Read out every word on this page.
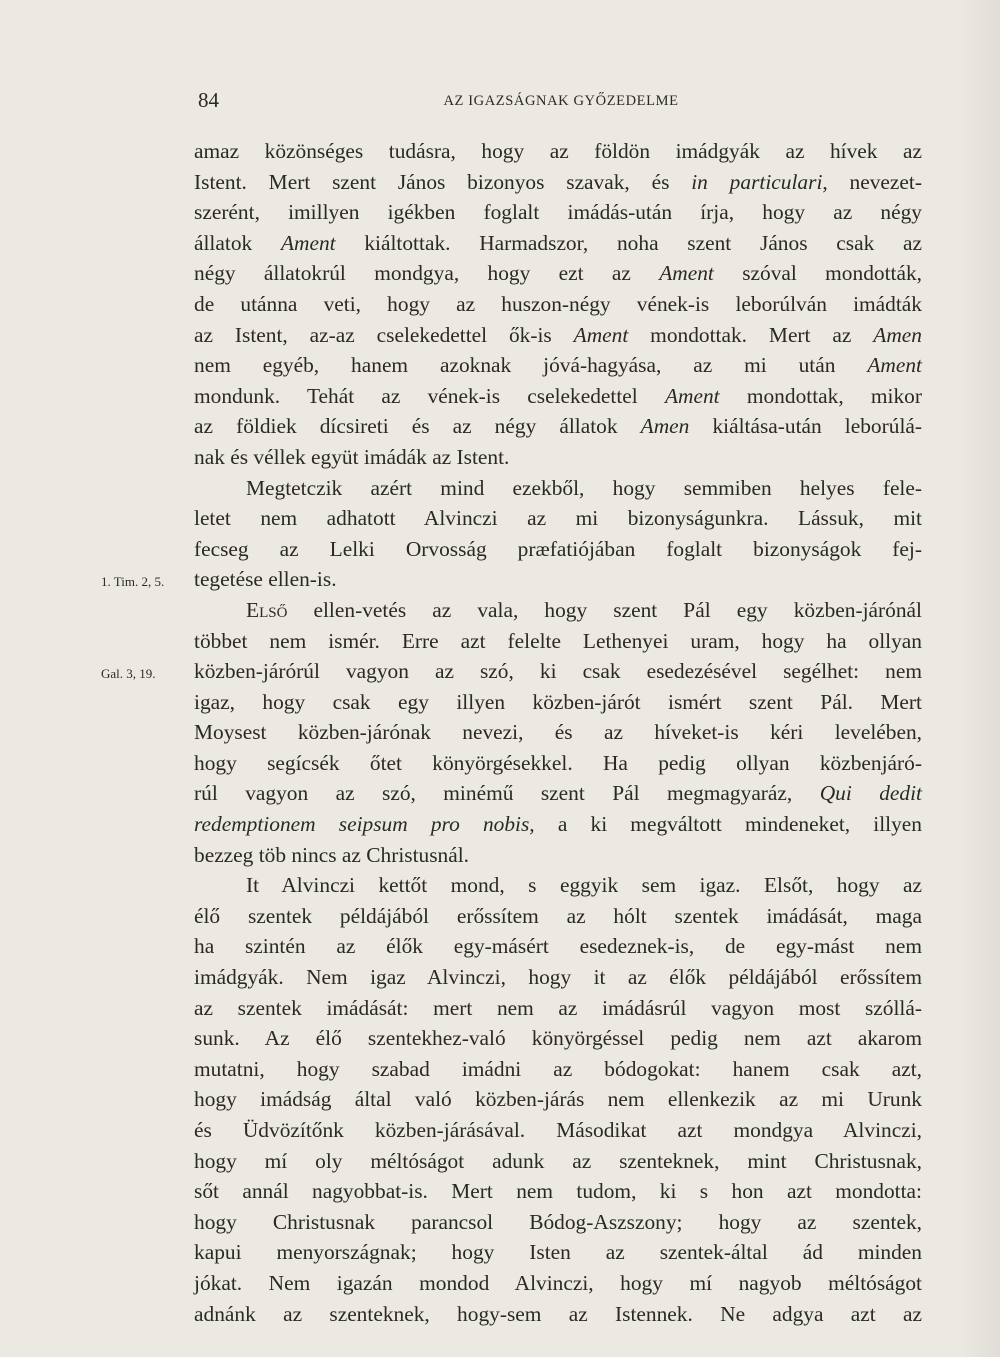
84	AZ IGAZSÁGNAK GYŐZEDELME
1. Tim. 2, 5.
Gal. 3, 19.
amaz közönséges tudásra, hogy az földön imádgyák az hívek az
Istent. Mert szent János bizonyos szavak, és in particulari, nevezet-
szerént, imillyen igékben foglalt imádás-után írja, hogy az négy
állatok Ament kiáltottak. Harmadszor, noha szent János csak az
négy állatokrúl mondgya, hogy ezt az Ament szóval mondották,
de utánna veti, hogy az huszon-négy vének-is leborúlván imádták
az Istent, az-az cselekedettel ők-is Ament mondottak. Mert az Amen
nem egyéb, hanem azoknak jóvá-hagyása, az mi után Ament
mondunk. Tehát az vének-is cselekedettel Ament mondottak, mikor
az földiek dícsireti és az négy állatok Amen kiáltása-után leborúlá-
nak és véllek együt imádák az Istent.
Megtetczik azért mind ezekből, hogy semmiben helyes fele-
letet nem adhatott Alvinczi az mi bizonyságunkra. Lássuk, mit
fecseg az Lelki Orvosság præfatiójában foglalt bizonyságok fej-
tegetése ellen-is.
Első ellen-vetés az vala, hogy szent Pál egy közben-járónál
többet nem ismér. Erre azt felelte Lethenyei uram, hogy ha ollyan
közben-járórúl vagyon az szó, ki csak esedezésével segélhet: nem
igaz, hogy csak egy illyen közben-járót ismért szent Pál. Mert
Moysest közben-járónak nevezi, és az híveket-is kéri levelében,
hogy segícsék őtet könyörgésekkel. Ha pedig ollyan közbenjáró-
rúl vagyon az szó, minémű szent Pál megmagyaráz, Qui dedit
redemptionem seipsum pro nobis, a ki megváltott mindeneket, illyen
bezzeg töb nincs az Christusnál.
It Alvinczi kettőt mond, s eggyik sem igaz. Elsőt, hogy az
élő szentek példájából erőssítem az hólt szentek imádását, maga
ha szintén az élők egy-másért esedeznek-is, de egy-mást nem
imádgyák. Nem igaz Alvinczi, hogy it az élők példájából erőssítem
az szentek imádását: mert nem az imádásrúl vagyon most szóllá-
sunk. Az élő szentekhez-való könyörgéssel pedig nem azt akarom
mutatni, hogy szabad imádni az bódogokat: hanem csak azt,
hogy imádság által való közben-járás nem ellenkezik az mi Urunk
és Üdvözítőnk közben-járásával. Másodikat azt mondgya Alvinczi,
hogy mí oly méltóságot adunk az szenteknek, mint Christusnak,
sőt annál nagyobbat-is. Mert nem tudom, ki s hon azt mondotta:
hogy Christusnak parancsol Bódog-Aszszony; hogy az szentek,
kapui menyországnak; hogy Isten az szentek-által ád minden
jókat. Nem igazán mondod Alvinczi, hogy mí nagyob méltóságot
adnánk az szenteknek, hogy-sem az Istennek. Ne adgya azt az
